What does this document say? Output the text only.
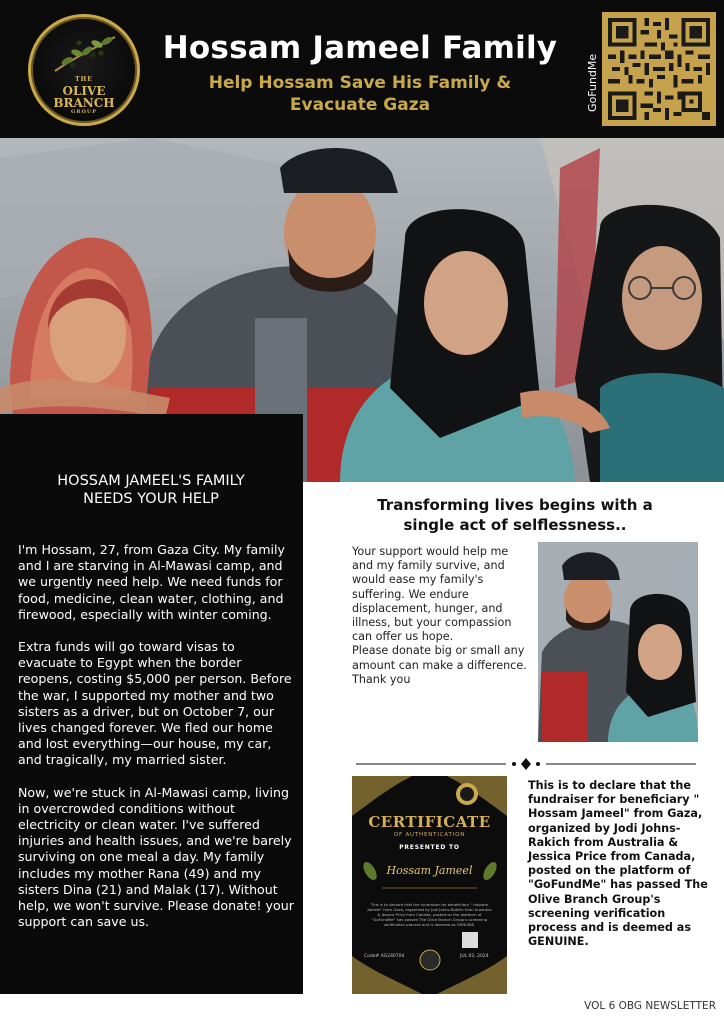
THE
OLIVE
BRANCH
GROUP
Hossam Jameel Family
Help Hossam Save His Family & Evacuate Gaza	GoFundMe
HOSSAM JAMEEL'S FAMILY
NEEDS YOUR HELP

I'm Hossam, 27, from Gaza City. My family and I are starving in Al-Mawasi camp, and we urgently need help. We need funds for food, medicine, clean water, clothing, and firewood, especially with winter coming.

Extra funds will go toward visas to evacuate to Egypt when the border reopens, costing $5,000 per person. Before the war, I supported my mother and two sisters as a driver, but on October 7, our lives changed forever. We fled our home and lost everything—our house, my car, and tragically, my married sister.

Now, we're stuck in Al-Mawasi camp, living in overcrowded conditions without electricity or clean water. I've suffered injuries and health issues, and we're barely surviving on one meal a day. My family includes my mother Rana (49) and my sisters Dina (21) and Malak (17). Without help, we won't survive. Please donate! your support can save us.

Transforming lives begins with a single act of selflessness..
Your support would help me and my family survive, and would ease my family's suffering. We endure displacement, hunger, and illness, but your compassion can offer us hope.
Please donate big or small any amount can make a difference.
Thank you
CERTIFICATE
OF AUTHENTICATION
PRESENTED TO
Hossam Jameel
This is to declare that the fundraiser for beneficiary " Hossam Jameel" from Gaza, organized by Jodi Johns-Rakich from Australia & Jessica Price from Canada, posted on the platform of "GoFundMe" has passed The Olive Branch Group's screening verification process and is deemed as GENUINE.
Code# AG240704	JUL 02, 2024
This is to declare that the fundraiser for beneficiary " Hossam Jameel" from Gaza, organized by Jodi Johns-Rakich from Australia & Jessica Price from Canada, posted on the platform of "GoFundMe" has passed The Olive Branch Group's screening verification process and is deemed as GENUINE.
VOL 6 OBG NEWSLETTER
